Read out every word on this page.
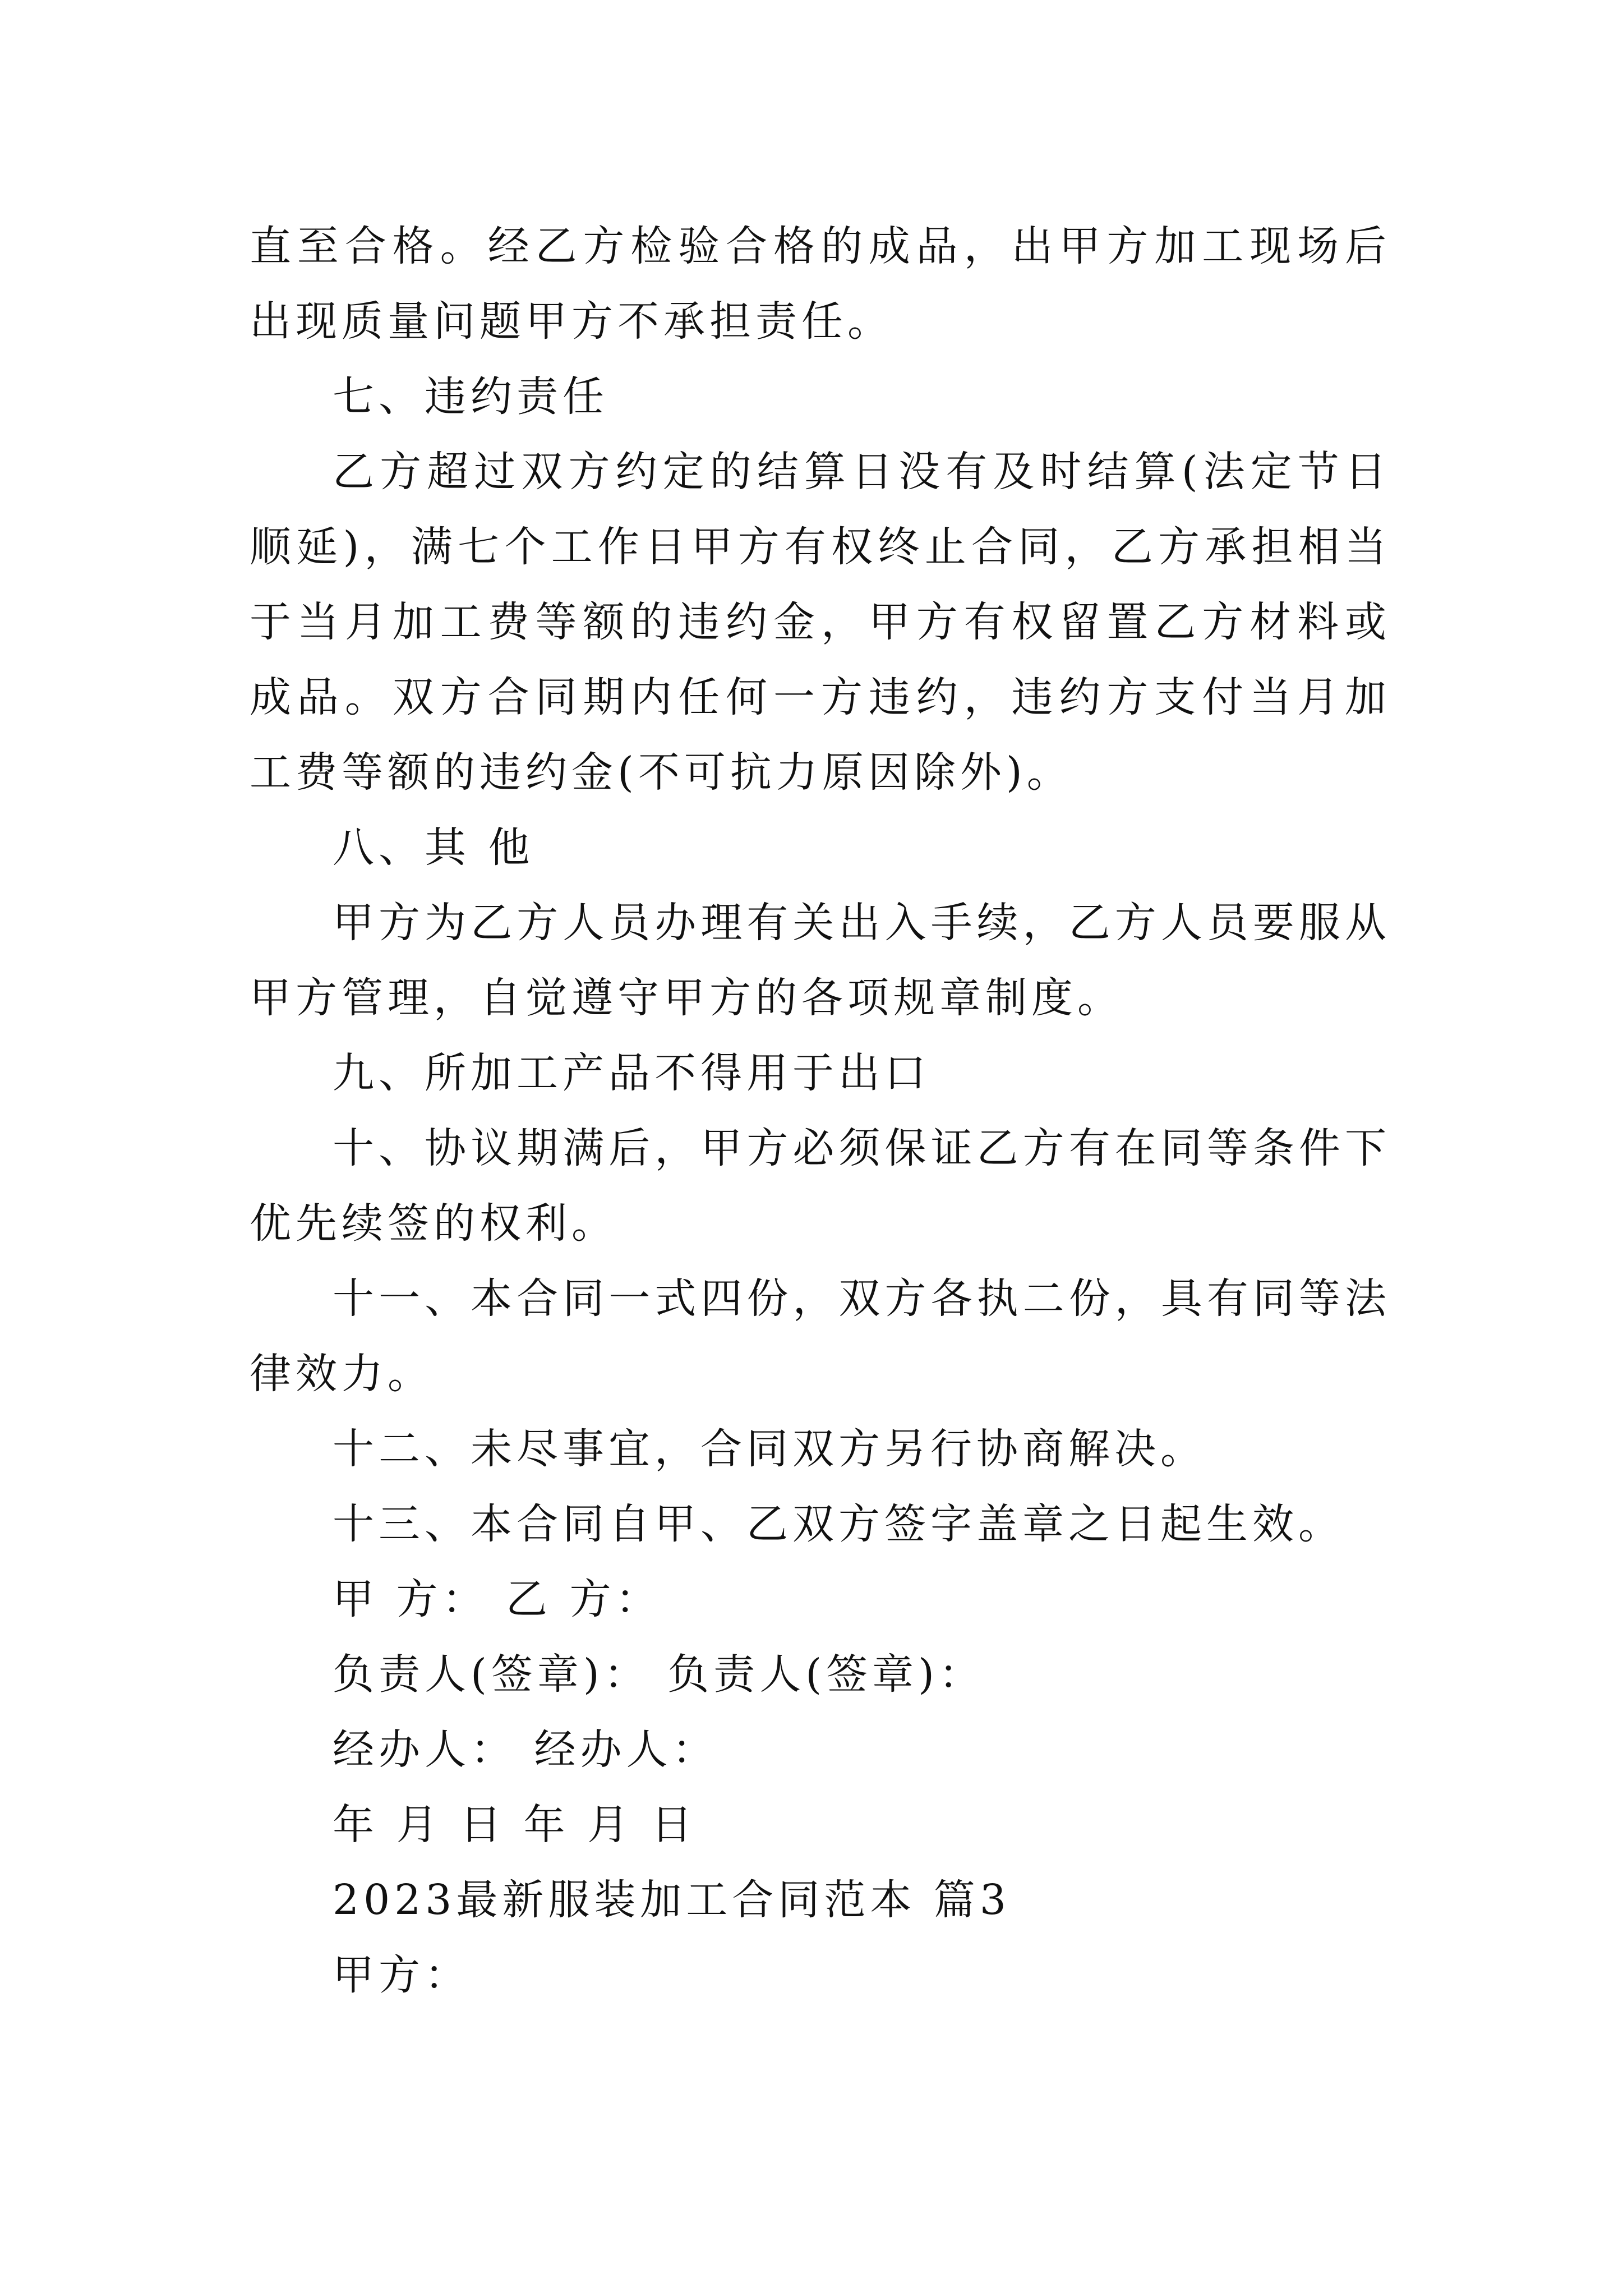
直至合格。经乙方检验合格的成品，出甲方加工现场后出现质量问题甲方不承担责任。

七、违约责任

乙方超过双方约定的结算日没有及时结算(法定节日顺延)，满七个工作日甲方有权终止合同，乙方承担相当于当月加工费等额的违约金，甲方有权留置乙方材料或成品。双方合同期内任何一方违约，违约方支付当月加工费等额的违约金(不可抗力原因除外)。

八、其 他

甲方为乙方人员办理有关出入手续，乙方人员要服从甲方管理，自觉遵守甲方的各项规章制度。

九、所加工产品不得用于出口

十、协议期满后，甲方必须保证乙方有在同等条件下优先续签的权利。

十一、本合同一式四份，双方各执二份，具有同等法律效力。

十二、未尽事宜，合同双方另行协商解决。

十三、本合同自甲、乙双方签字盖章之日起生效。

甲 方： 乙 方：

负责人(签章)： 负责人(签章)：

经办人： 经办人：

年 月 日 年 月 日

2023最新服装加工合同范本 篇3

甲方：
